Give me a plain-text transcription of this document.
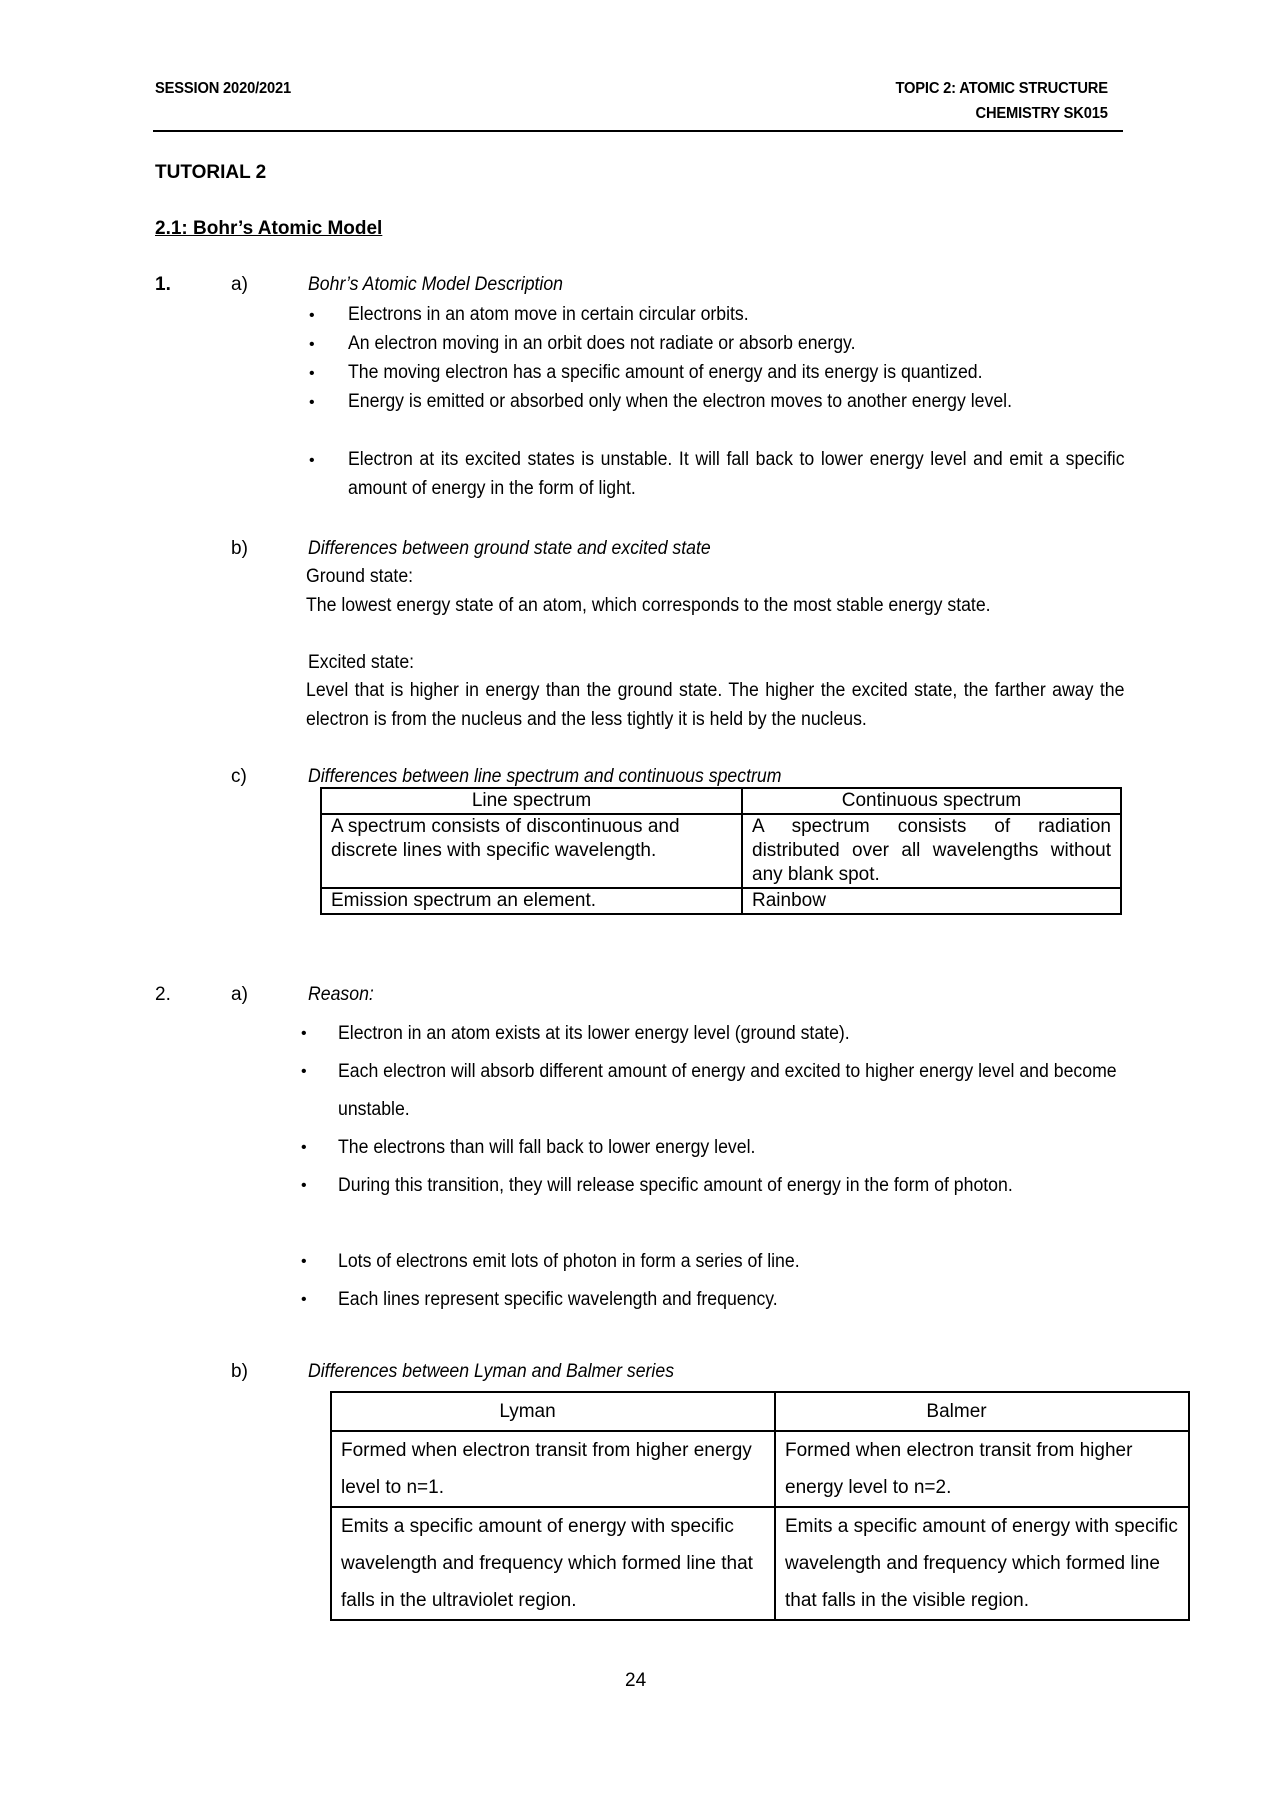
SESSION 2020/2021	TOPIC 2: ATOMIC STRUCTURE
CHEMISTRY SK015
TUTORIAL 2
2.1: Bohr’s Atomic Model
1.	a)	Bohr’s Atomic Model Description
• Electrons in an atom move in certain circular orbits.
• An electron moving in an orbit does not radiate or absorb energy.
• The moving electron has a specific amount of energy and its energy is quantized.
• Energy is emitted or absorbed only when the electron moves to another energy level.
• Electron at its excited states is unstable. It will fall back to lower energy level and emit a specific amount of energy in the form of light.
b)	Differences between ground state and excited state
Ground state:
The lowest energy state of an atom, which corresponds to the most stable energy state.
Excited state:
Level that is higher in energy than the ground state. The higher the excited state, the farther away the electron is from the nucleus and the less tightly it is held by the nucleus.
c)	Differences between line spectrum and continuous spectrum
Line spectrum	Continuous spectrum
A spectrum consists of discontinuous and discrete lines with specific wavelength.	A spectrum consists of radiation distributed over all wavelengths without any blank spot.
Emission spectrum an element.	Rainbow
2.	a)	Reason:
• Electron in an atom exists at its lower energy level (ground state).
• Each electron will absorb different amount of energy and excited to higher energy level and become unstable.
• The electrons than will fall back to lower energy level.
• During this transition, they will release specific amount of energy in the form of photon.
• Lots of electrons emit lots of photon in form a series of line.
• Each lines represent specific wavelength and frequency.
b)	Differences between Lyman and Balmer series
Lyman	Balmer
Formed when electron transit from higher energy level to n=1.	Formed when electron transit from higher energy level to n=2.
Emits a specific amount of energy with specific wavelength and frequency which formed line that falls in the ultraviolet region.	Emits a specific amount of energy with specific wavelength and frequency which formed line that falls in the visible region.
24
